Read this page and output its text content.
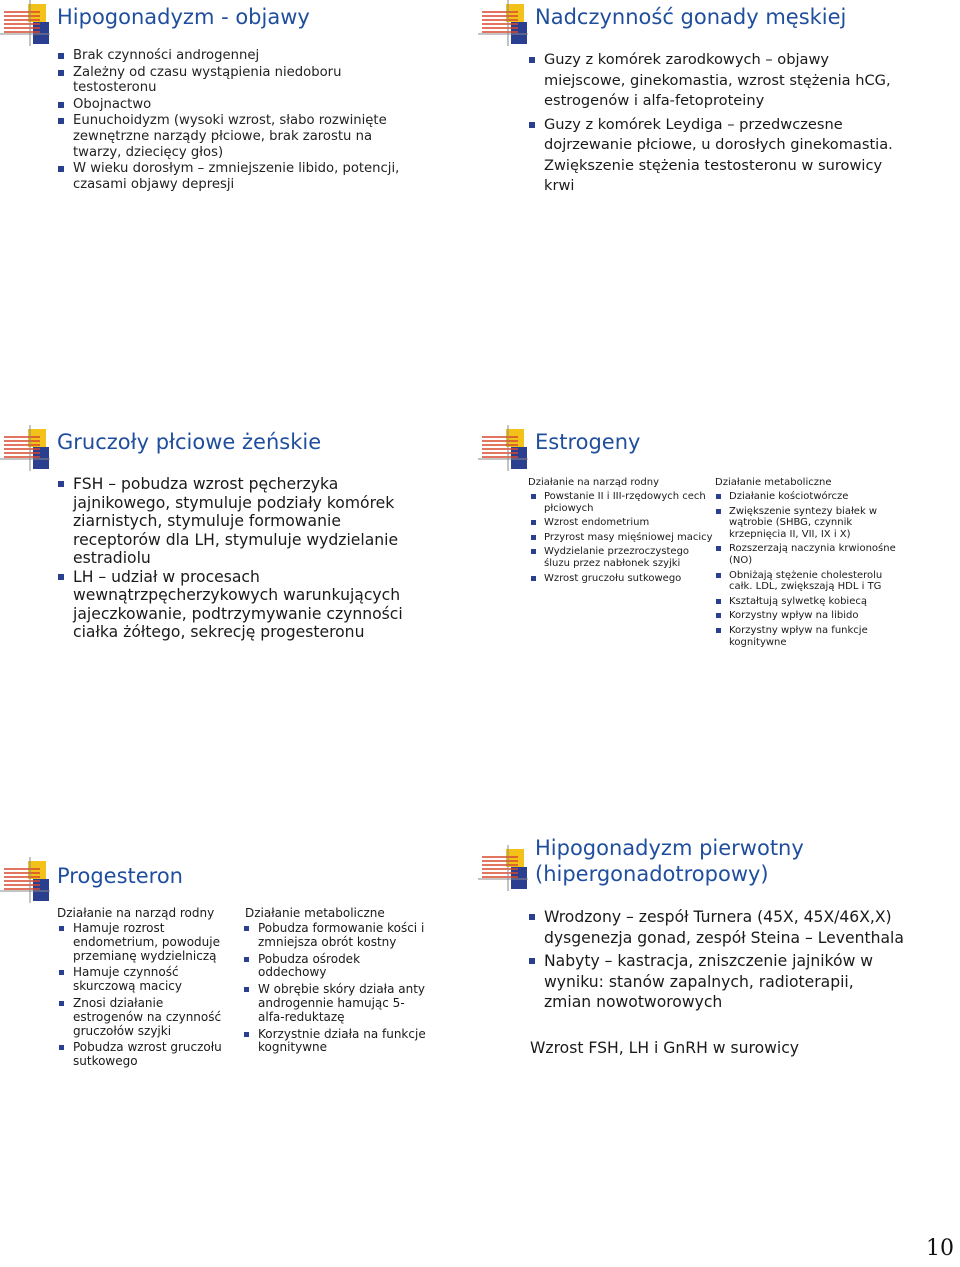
Hipogonadyzm - objawy
Brak czynności androgennej
Zależny od czasu wystąpienia niedoboru testosteronu
Obojnactwo
Eunuchoidyzm (wysoki wzrost, słabo rozwinięte zewnętrzne narządy płciowe, brak zarostu na twarzy, dziecięcy głos)
W wieku dorosłym – zmniejszenie libido, potencji, czasami objawy depresji
Nadczynność gonady męskiej
Guzy z komórek zarodkowych – objawy miejscowe, ginekomastia, wzrost stężenia hCG, estrogenów i alfa-fetoproteiny
Guzy z komórek Leydiga – przedwczesne dojrzewanie płciowe, u dorosłych ginekomastia. Zwiększenie stężenia testosteronu w surowicy krwi
Gruczoły płciowe żeńskie
FSH – pobudza wzrost pęcherzyka jajnikowego, stymuluje podziały komórek ziarnistych, stymuluje formowanie receptorów dla LH, stymuluje wydzielanie estradiolu
LH – udział w procesach wewnątrzpęcherzykowych warunkujących jajeczkowanie, podtrzymywanie czynności ciałka żółtego, sekrecję progesteronu
Estrogeny
Działanie na narząd rodny
Powstanie II i III-rzędowych cech płciowych
Wzrost endometrium
Przyrost masy mięśniowej macicy
Wydzielanie przezroczystego śluzu przez nabłonek szyjki
Wzrost gruczołu sutkowego
Działanie metaboliczne
Działanie kościotwórcze
Zwiększenie syntezy białek w wątrobie (SHBG, czynnik krzepnięcia II, VII, IX i X)
Rozszerzają naczynia krwionośne (NO)
Obniżają stężenie cholesterolu całk. LDL, zwiększają HDL i TG
Kształtują sylwetkę kobiecą
Korzystny wpływ na libido
Korzystny wpływ na funkcje kognitywne
Progesteron
Działanie na narząd rodny
Hamuje rozrost endometrium, powoduje przemianę wydzielniczą
Hamuje czynność skurczową macicy
Znosi działanie estrogenów na czynność gruczołów szyjki
Pobudza wzrost gruczołu sutkowego
Działanie metaboliczne
Pobudza formowanie kości i zmniejsza obrót kostny
Pobudza ośrodek oddechowy
W obrębie skóry działa anty androgennie hamując 5-alfa-reduktazę
Korzystnie działa na funkcje kognitywne
Hipogonadyzm pierwotny
(hipergonadotropowy)
Wrodzony – zespół Turnera (45X, 45X/46X,X) dysgenezja gonad, zespół Steina – Leventhala
Nabyty – kastracja, zniszczenie jajników w wyniku: stanów zapalnych, radioterapii, zmian nowotworowych
Wzrost FSH, LH i GnRH w surowicy
10
